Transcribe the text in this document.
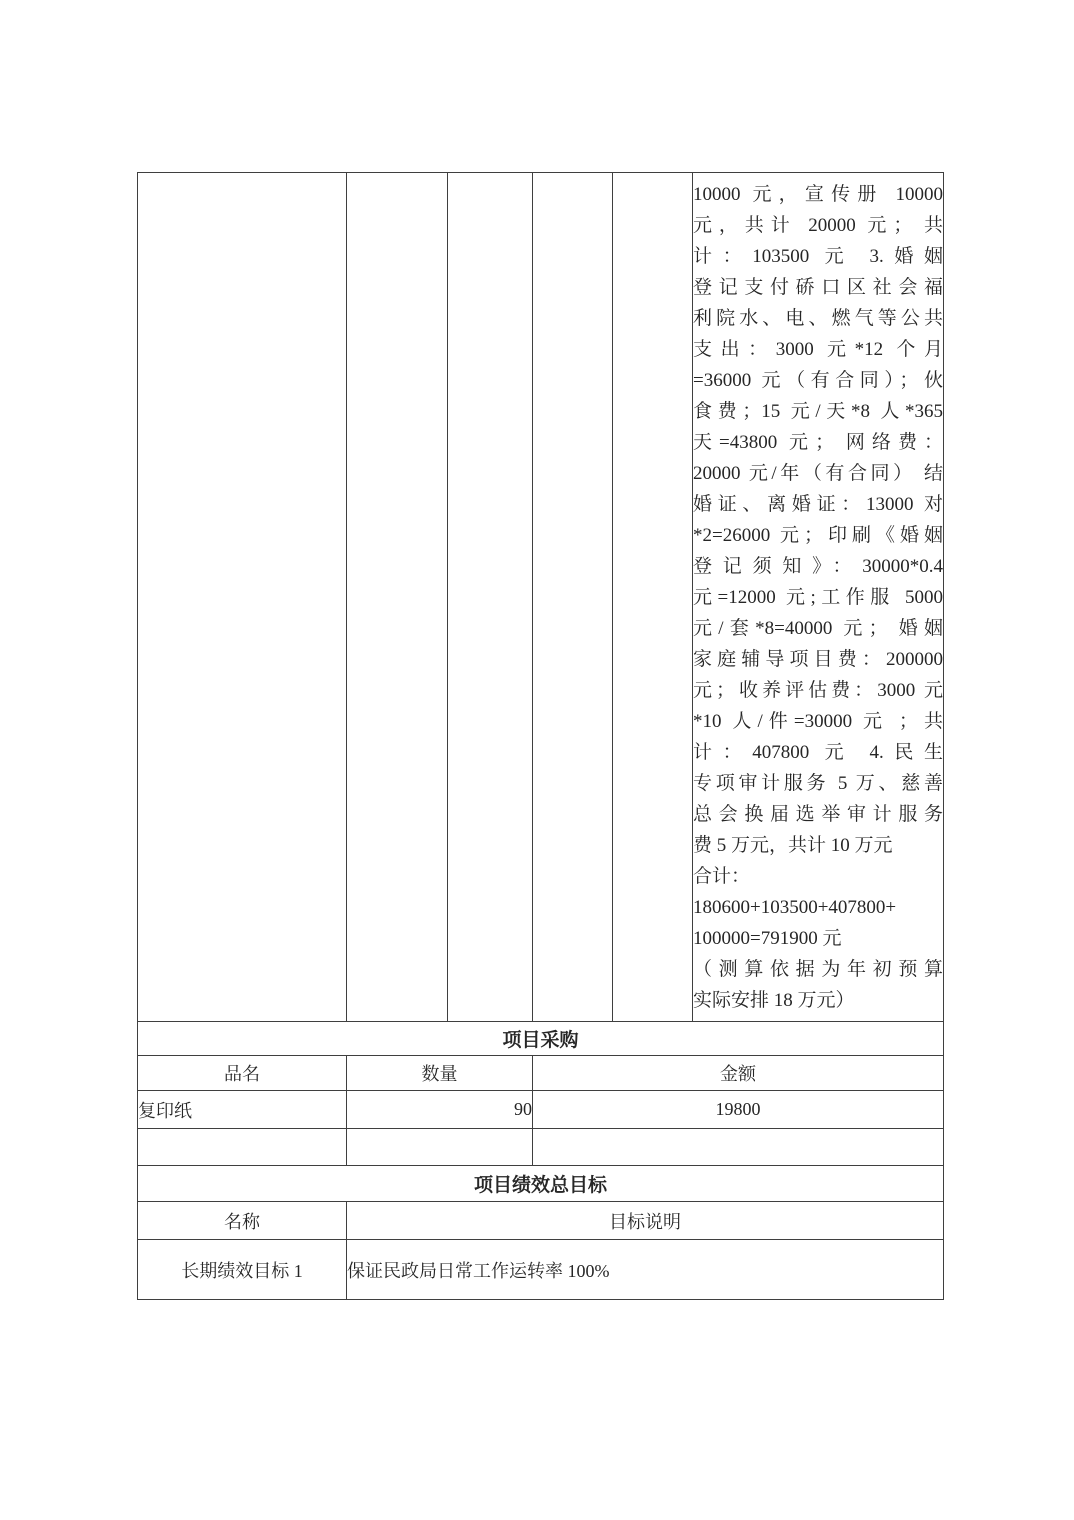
10000 元，宣传册 10000
元，共计 20000 元； 共
计：103500 元 3.婚姻
登记支付硚口区社会福
利院水、电、燃气等公共
支出：3000 元*12 个月
=36000 元（有合同）；伙
食费；15 元/天*8 人*365
天=43800 元； 网络费：
20000 元/年（有合同） 结
婚证、离婚证：13000 对
*2=26000 元；印刷《婚姻
登记须知》：30000*0.4
元=12000 元;工作服 5000
元/套*8=40000 元； 婚姻
家庭辅导项目费：200000
元；收养评估费：3000 元
*10 人/件=30000 元 ；共
计：407800 元 4.民生
专项审计服务 5 万、慈善
总会换届选举审计服务
费 5 万元，共计 10 万元
合计：
180600+103500+407800+
100000=791900 元
（测算依据为年初预算
实际安排 18 万元）

项目采购					
品名	数量		金额		
复印纸	90		19800		

项目绩效总目标					
名称	目标说明				
长期绩效目标 1	保证民政局日常工作运转率 100%				
